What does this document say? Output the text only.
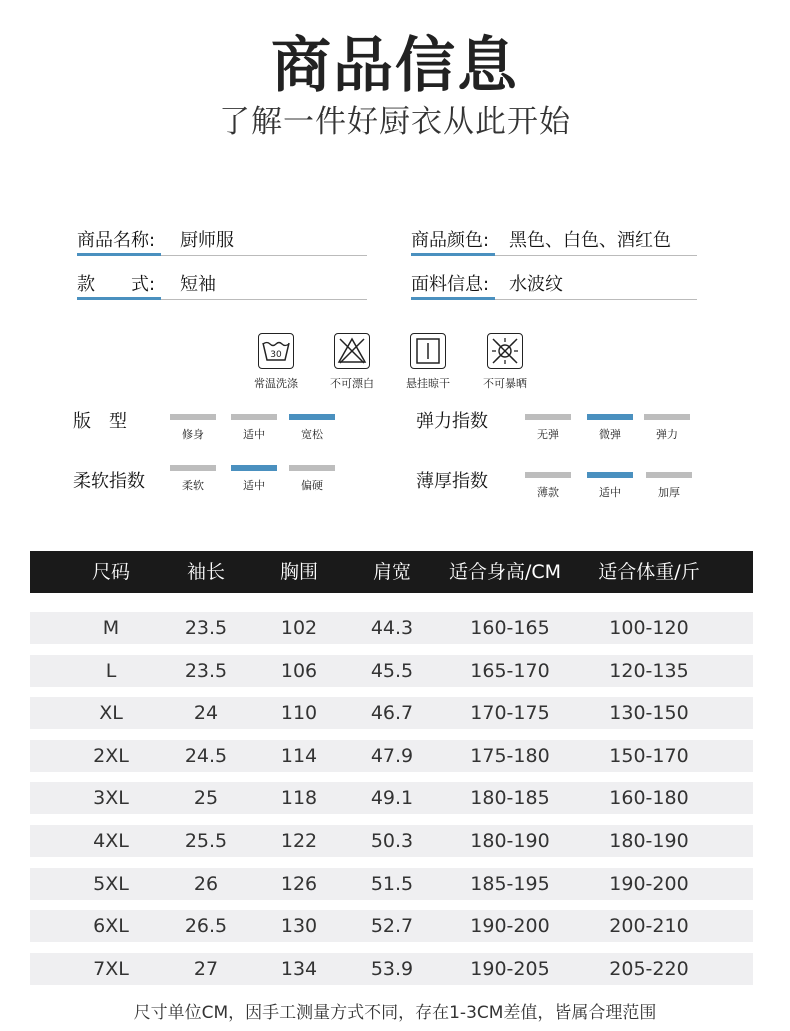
商品信息
了解一件好厨衣从此开始
商品名称:	厨师服	商品颜色:	黑色、白色、酒红色
款　　式:	短袖	面料信息:	水波纹
30
常温洗涤	不可漂白	悬挂晾干	不可暴晒
版　型
修身	适中	宽松
弹力指数
无弹	微弹	弹力
柔软指数	柔软	适中	偏硬	薄厚指数
薄款	适中	加厚
尺码	袖长	胸围	肩宽	适合身高/CM	适合体重/斤
M	23.5	102	44.3	160-165	100-120
L	23.5	106	45.5	165-170	120-135
XL	24	110	46.7	170-175	130-150
2XL	24.5	114	47.9	175-180	150-170
3XL	25	118	49.1	180-185	160-180
4XL	25.5	122	50.3	180-190	180-190
5XL	26	126	51.5	185-195	190-200
6XL	26.5	130	52.7	190-200	200-210
7XL	27	134	53.9	190-205	205-220
尺寸单位CM，因手工测量方式不同，存在1-3CM差值，皆属合理范围
